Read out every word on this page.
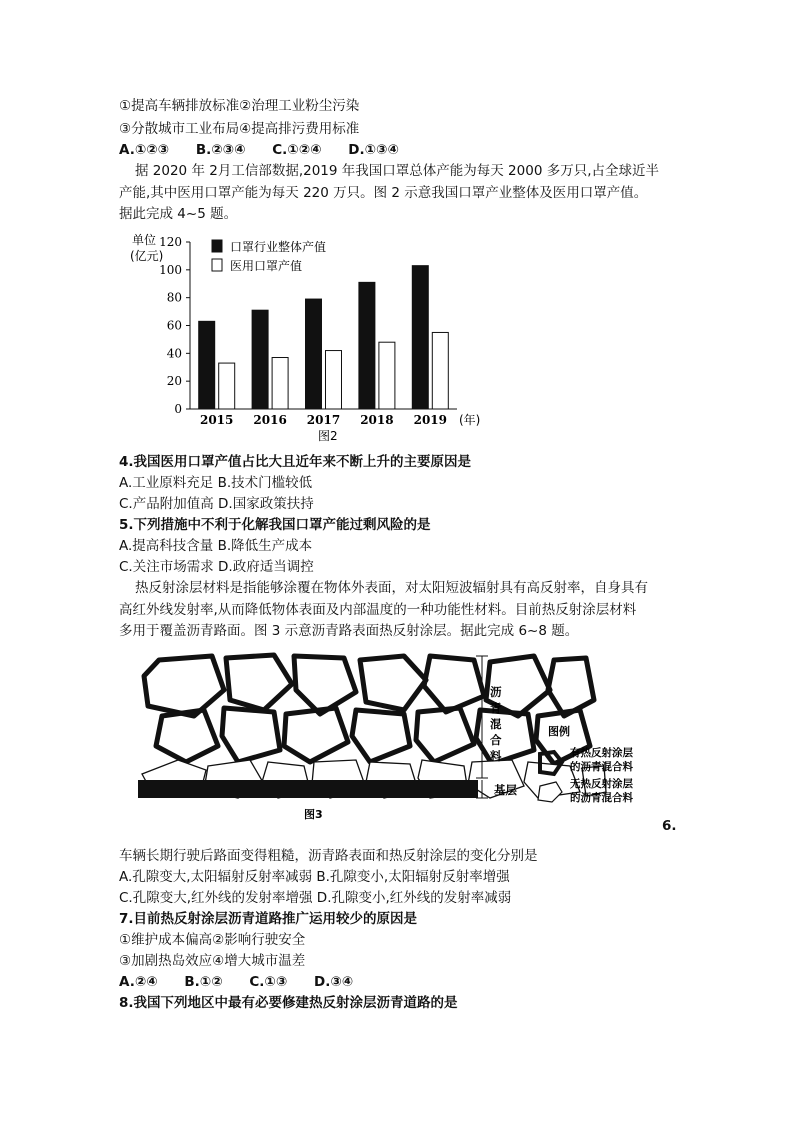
①提高车辆排放标准②治理工业粉尘污染
③分散城市工业布局④提高排污费用标准
A.①②③ B.②③④ C.①②④ D.①③④
据 2020 年 2月工信部数据,2019 年我国口罩总体产能为每天 2000 多万只,占全球近半
产能,其中医用口罩产能为每天 220 万只。图 2 示意我国口罩产业整体及医用口罩产值。
据此完成 4~5 题。
单位
(亿元)
0
20
40
60
80
100
120
2015 2016 2017 2018 2019 (年)
图2
口罩行业整体产值
医用口罩产值
4.我国医用口罩产值占比大且近年来不断上升的主要原因是
A.工业原料充足 B.技术门槛较低
C.产品附加值高 D.国家政策扶持
5.下列措施中不利于化解我国口罩产能过剩风险的是
A.提高科技含量 B.降低生产成本
C.关注市场需求 D.政府适当调控
热反射涂层材料是指能够涂覆在物体外表面，对太阳短波辐射具有高反射率，自身具有
高红外线发射率,从而降低物体表面及内部温度的一种功能性材料。目前热反射涂层材料
多用于覆盖沥青路面。图 3 示意沥青路表面热反射涂层。据此完成 6~8 题。
沥
青
混
合
料
基层
图例
有热反射涂层
的沥青混合料
无热反射涂层
的沥青混合料
图3
6.
车辆长期行驶后路面变得粗糙，沥青路表面和热反射涂层的变化分别是
A.孔隙变大,太阳辐射反射率减弱 B.孔隙变小,太阳辐射反射率增强
C.孔隙变大,红外线的发射率增强 D.孔隙变小,红外线的发射率减弱
7.目前热反射涂层沥青道路推广运用较少的原因是
①维护成本偏高②影响行驶安全
③加剧热岛效应④增大城市温差
A.②④ B.①② C.①③ D.③④
8.我国下列地区中最有必要修建热反射涂层沥青道路的是
